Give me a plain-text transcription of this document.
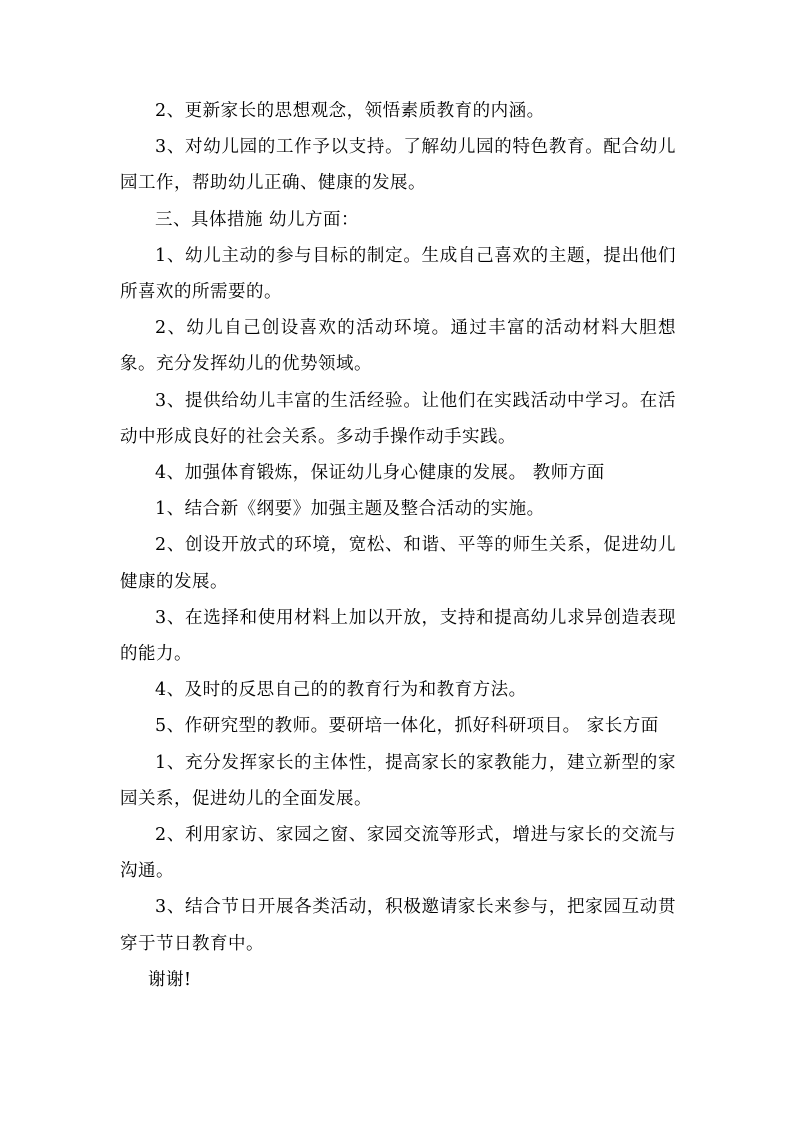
2、更新家长的思想观念，领悟素质教育的内涵。

3、对幼儿园的工作予以支持。了解幼儿园的特色教育。配合幼儿园工作，帮助幼儿正确、健康的发展。

三、具体措施 幼儿方面：

1、幼儿主动的参与目标的制定。生成自己喜欢的主题，提出他们所喜欢的所需要的。

2、幼儿自己创设喜欢的活动环境。通过丰富的活动材料大胆想象。充分发挥幼儿的优势领域。

3、提供给幼儿丰富的生活经验。让他们在实践活动中学习。在活动中形成良好的社会关系。多动手操作动手实践。

4、加强体育锻炼，保证幼儿身心健康的发展。 教师方面

1、结合新《纲要》加强主题及整合活动的实施。

2、创设开放式的环境，宽松、和谐、平等的师生关系，促进幼儿健康的发展。

3、在选择和使用材料上加以开放，支持和提高幼儿求异创造表现的能力。

4、及时的反思自己的的教育行为和教育方法。

5、作研究型的教师。要研培一体化，抓好科研项目。 家长方面

1、充分发挥家长的主体性，提高家长的家教能力，建立新型的家园关系，促进幼儿的全面发展。

2、利用家访、家园之窗、家园交流等形式，增进与家长的交流与沟通。

3、结合节日开展各类活动，积极邀请家长来参与，把家园互动贯穿于节日教育中。

谢谢!
